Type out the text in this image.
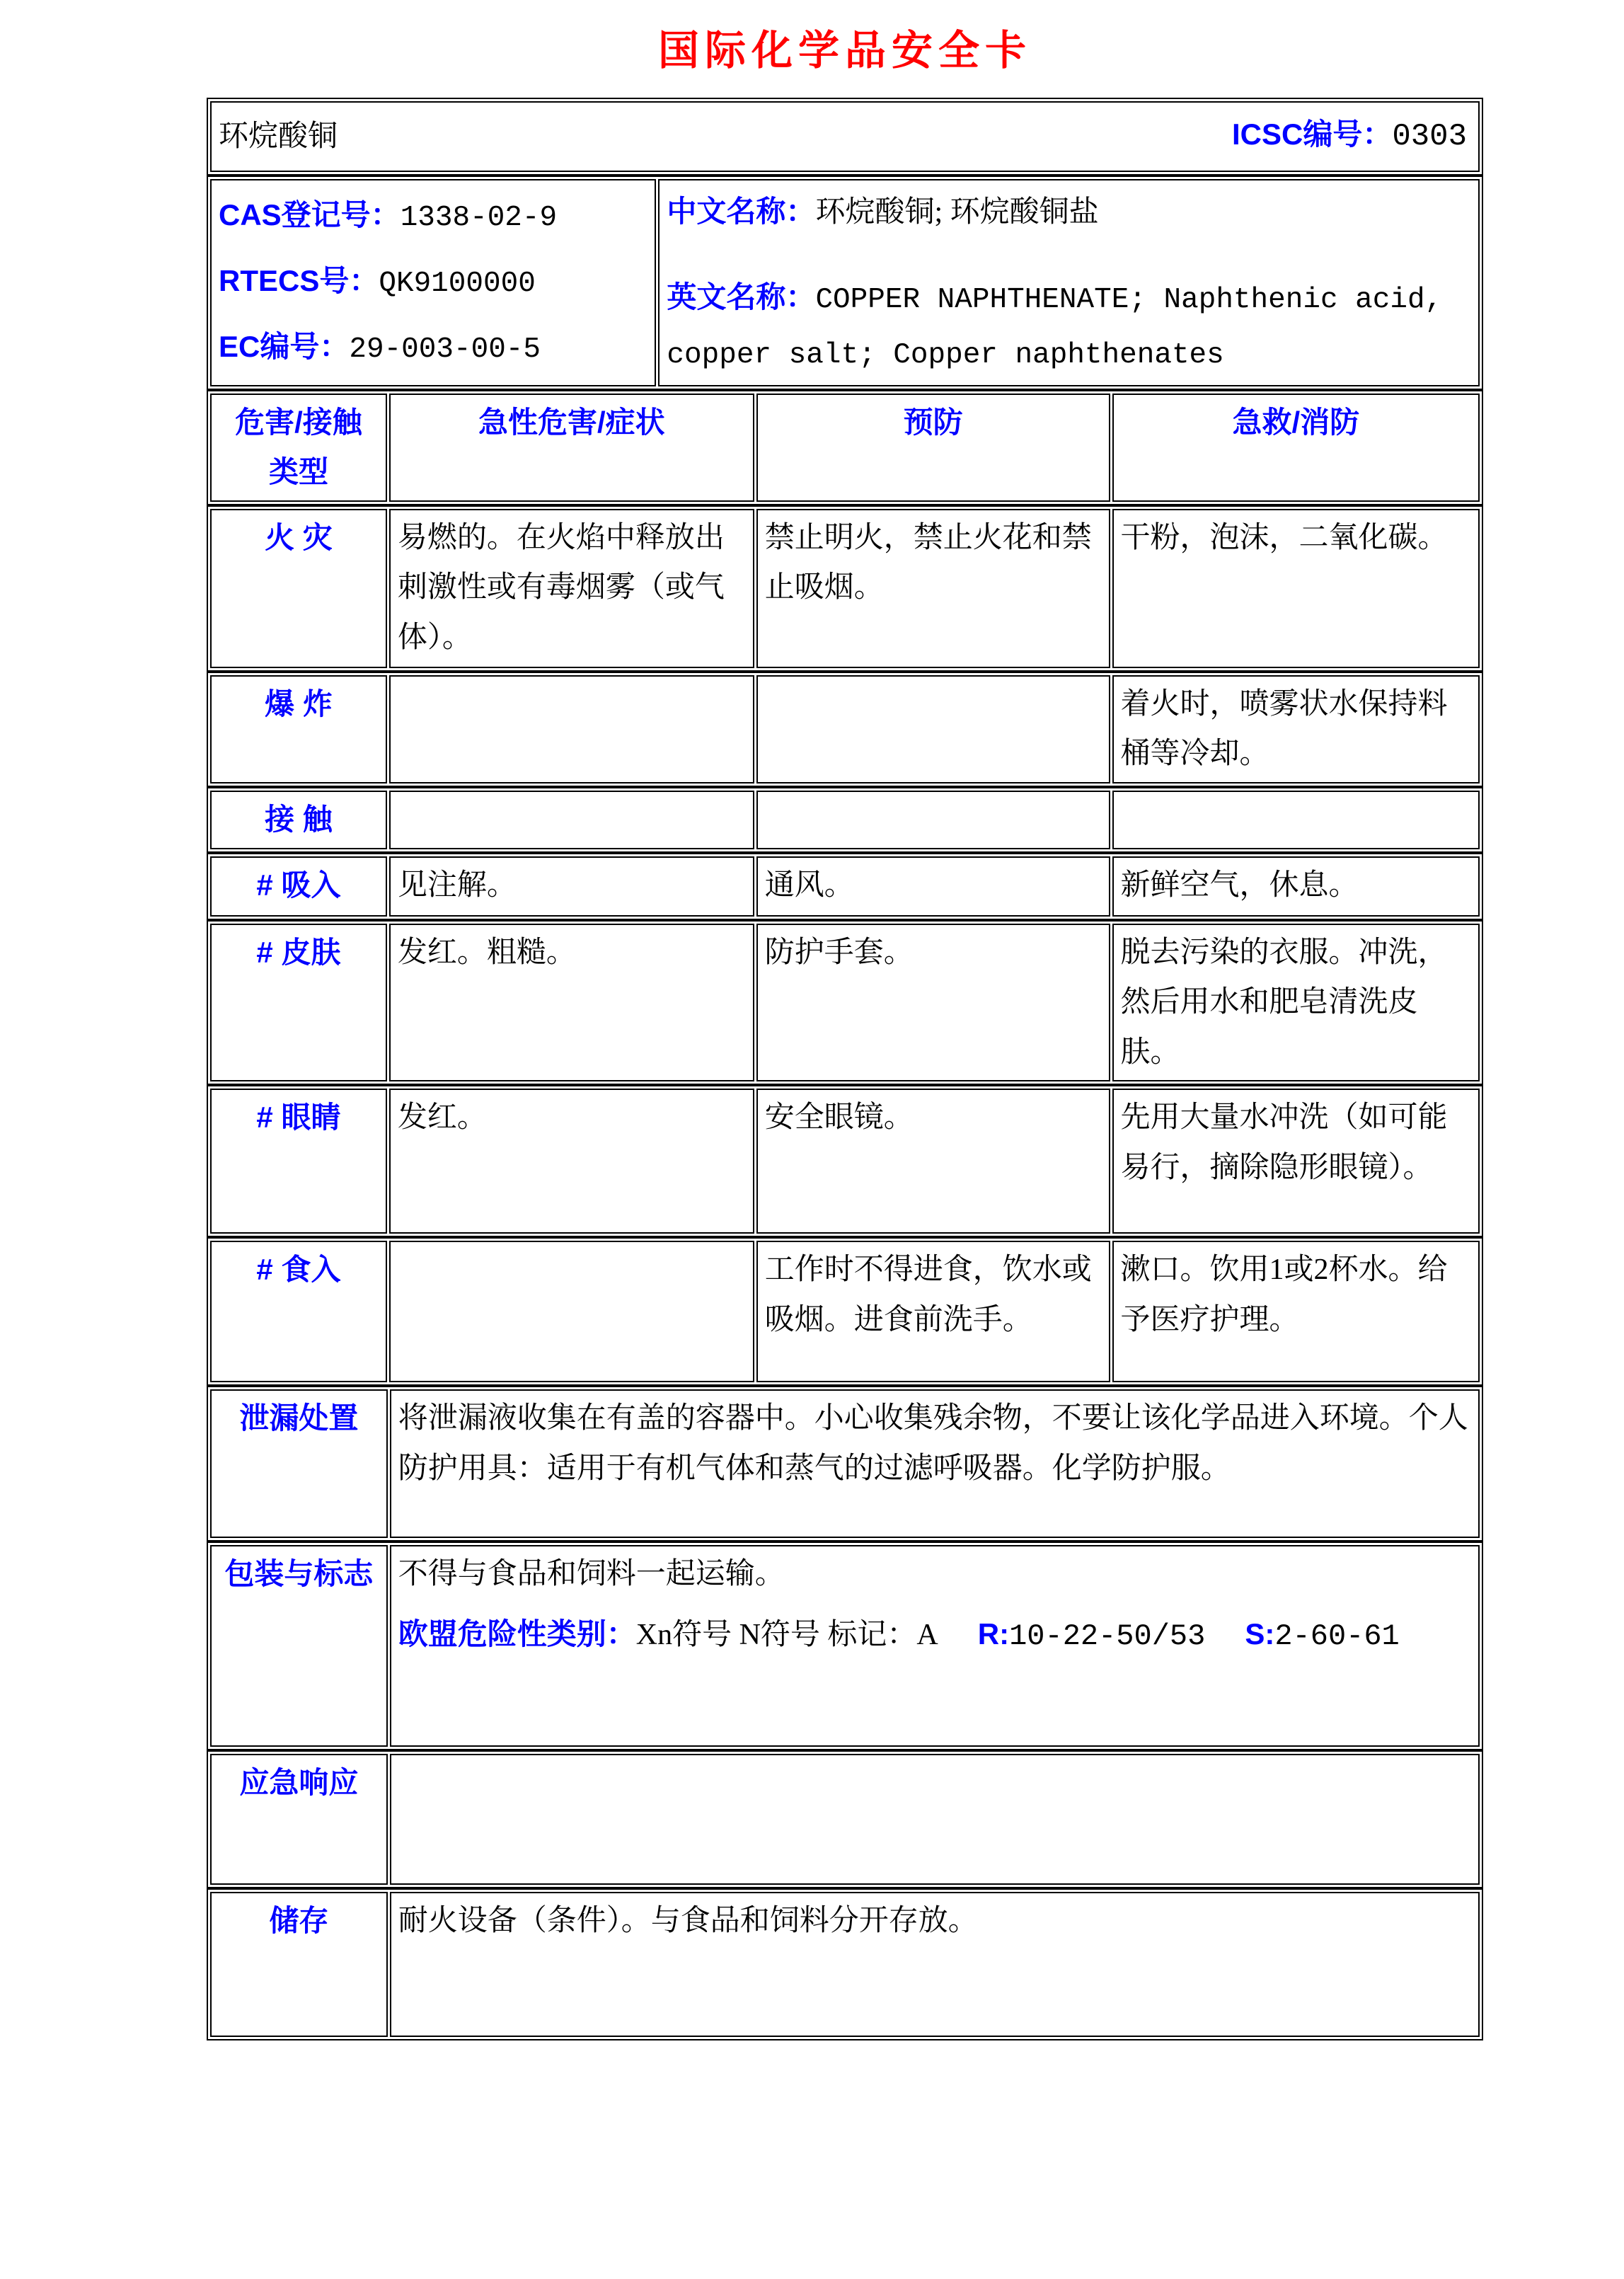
国际化学品安全卡
环烷酸铜	ICSC编号：0303
CAS登记号：1338-02-9
RTECS号：QK9100000
EC编号：29-003-00-5

中文名称：环烷酸铜; 环烷酸铜盐
英文名称：COPPER NAPHTHENATE; Naphthenic acid, copper salt; Copper naphthenates
危害/接触
类型
	急性危害/症状	预防	急救/消防
火 灾	易燃的。在火焰中释放出刺激性或有毒烟雾（或气体）。	禁止明火，禁止火花和禁止吸烟。	干粉，泡沫，二氧化碳。
爆 炸			着火时，喷雾状水保持料桶等冷却。
接 触			
# 吸入	见注解。	通风。	新鲜空气，休息。
# 皮肤	发红。粗糙。	防护手套。	脱去污染的衣服。冲洗，然后用水和肥皂清洗皮肤。
# 眼睛	发红。	安全眼镜。	先用大量水冲洗（如可能易行，摘除隐形眼镜）。
# 食入		工作时不得进食，饮水或吸烟。进食前洗手。	漱口。饮用1或2杯水。给予医疗护理。
泄漏处置	将泄漏液收集在有盖的容器中。小心收集残余物，不要让该化学品进入环境。个人防护用具：适用于有机气体和蒸气的过滤呼吸器。化学防护服。
包装与标志	不得与食品和饲料一起运输。
欧盟危险性类别：Xn符号 N符号 标记：A R:10-22-50/53 S:2-60-61
应急响应	
储存	耐火设备（条件）。与食品和饲料分开存放。
